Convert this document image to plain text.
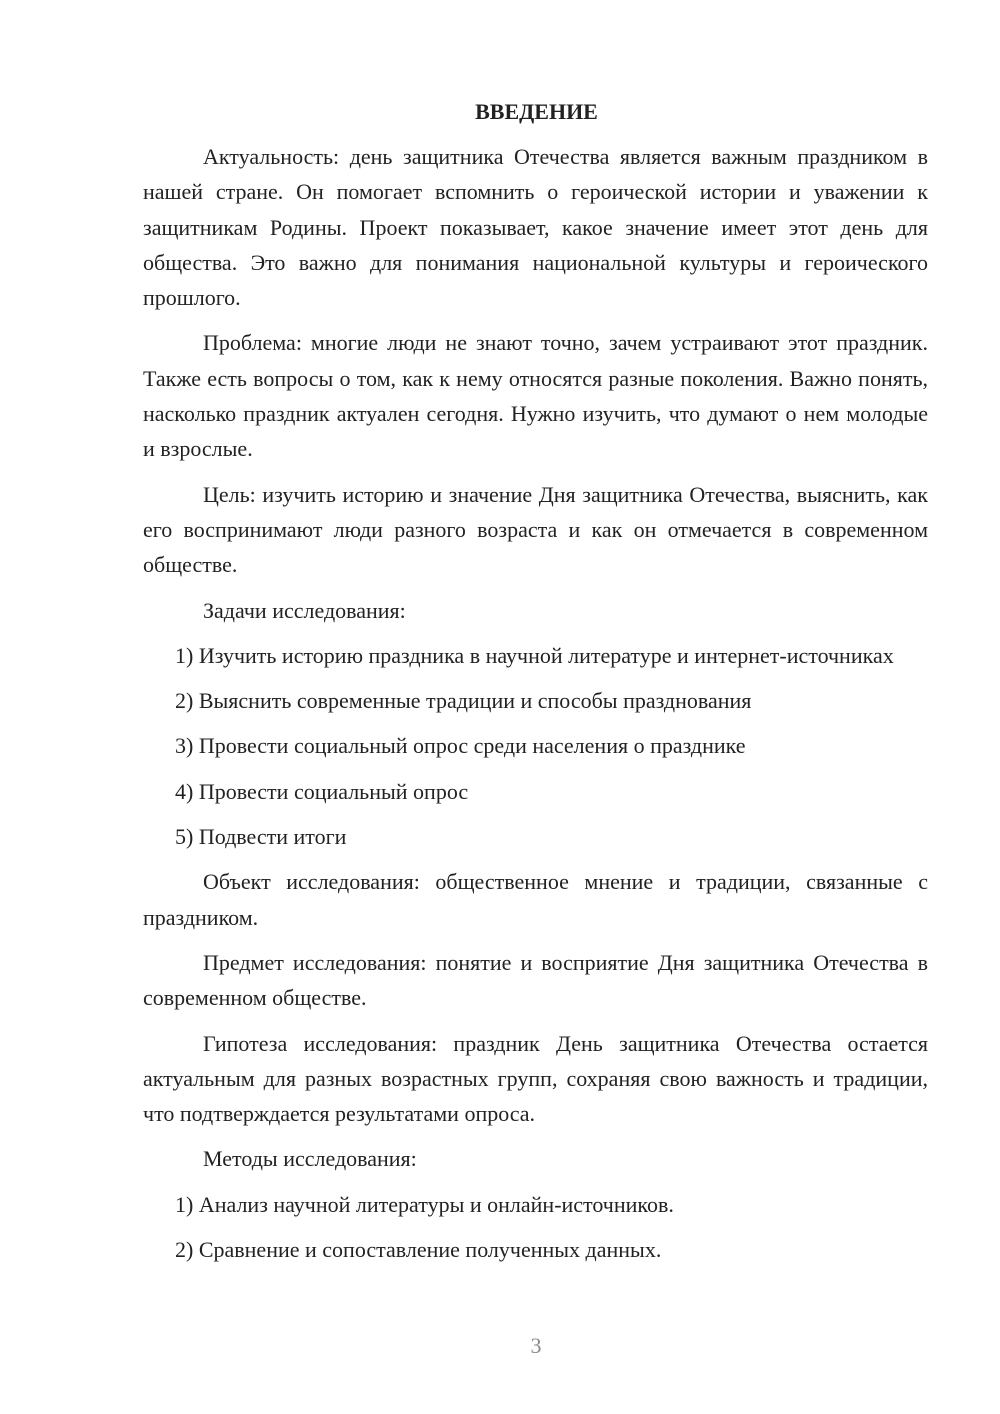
ВВЕДЕНИЕ

Актуальность: день защитника Отечества является важным праздником в нашей стране. Он помогает вспомнить о героической истории и уважении к защитникам Родины. Проект показывает, какое значение имеет этот день для общества. Это важно для понимания национальной культуры и героического прошлого.

Проблема: многие люди не знают точно, зачем устраивают этот праздник. Также есть вопросы о том, как к нему относятся разные поколения. Важно понять, насколько праздник актуален сегодня. Нужно изучить, что думают о нем молодые и взрослые.

Цель: изучить историю и значение Дня защитника Отечества, выяснить, как его воспринимают люди разного возраста и как он отмечается в современном обществе.

Задачи исследования:

1) Изучить историю праздника в научной литературе и интернет-источниках

2) Выяснить современные традиции и способы празднования

3) Провести социальный опрос среди населения о празднике

4) Провести социальный опрос

5) Подвести итоги

Объект исследования: общественное мнение и традиции, связанные с праздником.

Предмет исследования: понятие и восприятие Дня защитника Отечества в современном обществе.

Гипотеза исследования: праздник День защитника Отечества остается актуальным для разных возрастных групп, сохраняя свою важность и традиции, что подтверждается результатами опроса.

Методы исследования:

1) Анализ научной литературы и онлайн-источников.

2) Сравнение и сопоставление полученных данных.

3
